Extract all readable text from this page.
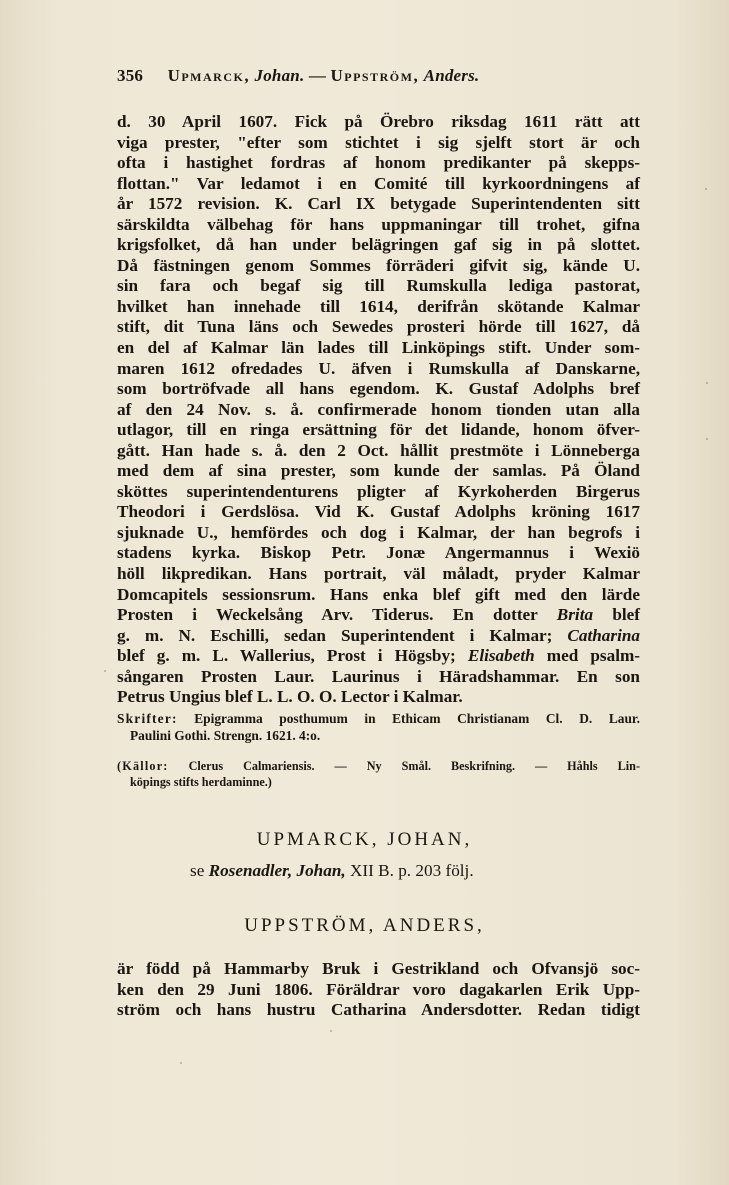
356 Upmarck, Johan. — Uppström, Anders.
d. 30 April 1607. Fick på Örebro riksdag 1611 rätt att
viga prester, "efter som stichtet i sig sjelft stort är och
ofta i hastighet fordras af honom predikanter på skepps-
flottan." Var ledamot i en Comité till kyrkoordningens af
år 1572 revision. K. Carl IX betygade Superintendenten sitt
särskildta välbehag för hans uppmaningar till trohet, gifna
krigsfolket, då han under belägringen gaf sig in på slottet.
Då fästningen genom Sommes förräderi gifvit sig, kände U.
sin fara och begaf sig till Rumskulla lediga pastorat,
hvilket han innehade till 1614, derifrån skötande Kalmar
stift, dit Tuna läns och Sewedes prosteri hörde till 1627, då
en del af Kalmar län lades till Linköpings stift. Under som-
maren 1612 ofredades U. äfven i Rumskulla af Danskarne,
som bortröfvade all hans egendom. K. Gustaf Adolphs bref
af den 24 Nov. s. å. confirmerade honom tionden utan alla
utlagor, till en ringa ersättning för det lidande, honom öfver-
gått. Han hade s. å. den 2 Oct. hållit prestmöte i Lönneberga
med dem af sina prester, som kunde der samlas. På Öland
sköttes superintendenturens pligter af Kyrkoherden Birgerus
Theodori i Gerdslösa. Vid K. Gustaf Adolphs kröning 1617
sjuknade U., hemfördes och dog i Kalmar, der han begrofs i
stadens kyrka. Biskop Petr. Jonæ Angermannus i Wexiö
höll likpredikan. Hans portrait, väl måladt, pryder Kalmar
Domcapitels sessionsrum. Hans enka blef gift med den lärde
Prosten i Weckelsång Arv. Tiderus. En dotter Brita blef
g. m. N. Eschilli, sedan Superintendent i Kalmar; Catharina
blef g. m. L. Wallerius, Prost i Högsby; Elisabeth med psalm-
sångaren Prosten Laur. Laurinus i Häradshammar. En son
Petrus Ungius blef L. L. O. O. Lector i Kalmar.
Skrifter: Epigramma posthumum in Ethicam Christianam Cl. D. Laur.
Paulini Gothi. Strengn. 1621. 4:o.
(Källor: Clerus Calmariensis. — Ny Smål. Beskrifning. — Håhls Lin-
köpings stifts herdaminne.)
UPMARCK, JOHAN,
se Rosenadler, Johan, XII B. p. 203 följ.
UPPSTRÖM, ANDERS,
är född på Hammarby Bruk i Gestrikland och Ofvansjö soc-
ken den 29 Juni 1806. Föräldrar voro dagakarlen Erik Upp-
ström och hans hustru Catharina Andersdotter. Redan tidigt
